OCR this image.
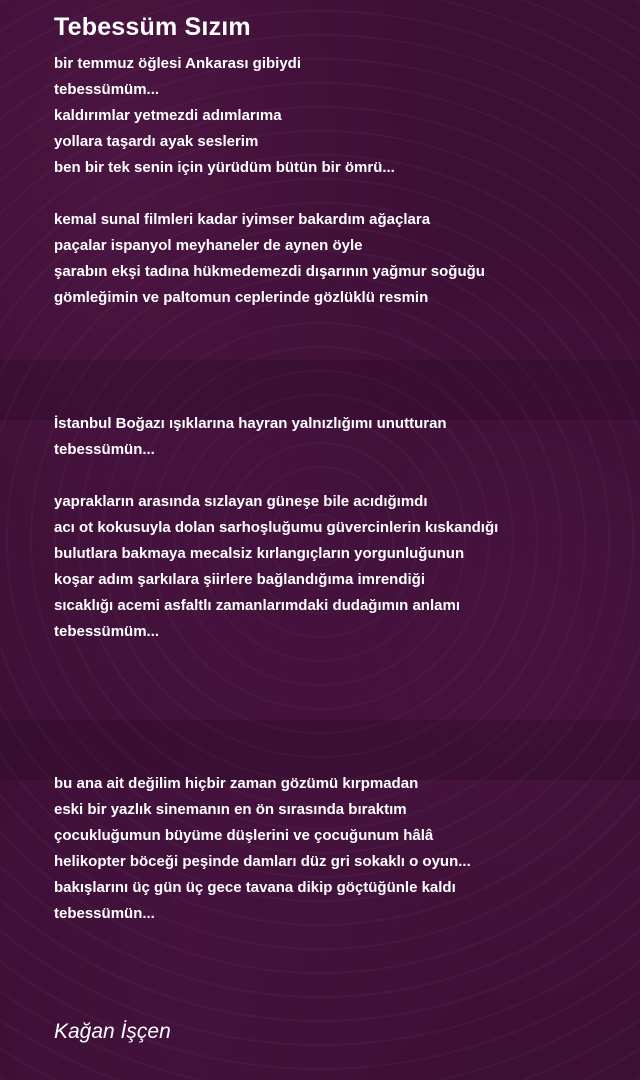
Tebessüm Sızım
bir temmuz öğlesi Ankarası gibiydi
tebessümüm...
kaldırımlar yetmezdi adımlarıma
yollara taşardı ayak seslerim
ben bir tek senin için yürüdüm bütün bir ömrü...
kemal sunal filmleri kadar iyimser bakardım ağaçlara
paçalar ispanyol meyhaneler de aynen öyle
şarabın ekşi tadına hükmedemezdi dışarının yağmur soğuğu
gömleğimin ve paltomun ceplerinde gözlüklü resmin
İstanbul Boğazı ışıklarına hayran yalnızlığımı unutturan
tebessümün...
yaprakların arasında sızlayan güneşe bile acıdığımdı
acı ot kokusuyla dolan sarhoşluğumu güvercinlerin kıskandığı
bulutlara bakmaya mecalsiz kırlangıçların yorgunluğunun
koşar adım şarkılara şiirlere bağlandığıma imrendiği
sıcaklığı acemi asfaltlı zamanlarımdaki dudağımın anlamı
tebessümüm...
bu ana ait değilim hiçbir zaman gözümü kırpmadan
eski bir yazlık sinemanın en ön sırasında bıraktım
çocukluğumun büyüme düşlerini ve çocuğunum hâlâ
helikopter böceği peşinde damları düz gri sokaklı o oyun...
bakışlarını üç gün üç gece tavana dikip göçtüğünle kaldı
tebessümün...

Kağan İşçen
